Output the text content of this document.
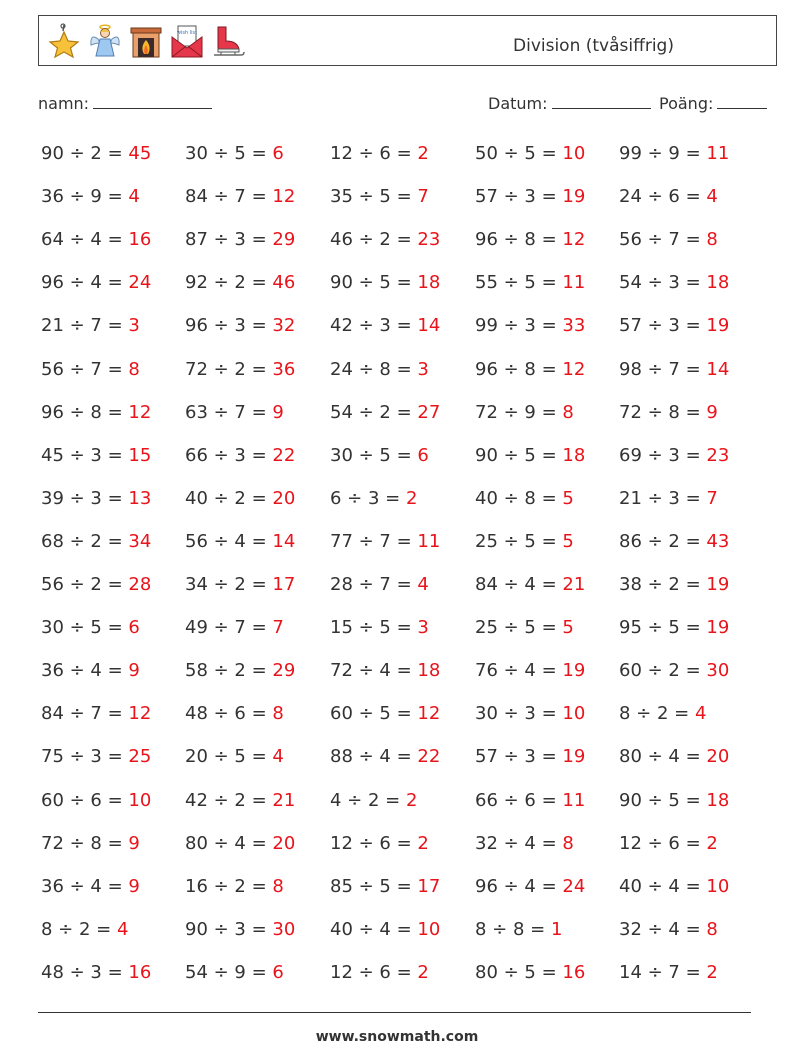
wish list
Division (tvåsiffrig)
namn:	Datum:	Poäng:
90 ÷ 2 = 45 30 ÷ 5 = 6	12 ÷ 6 = 2	50 ÷ 5 = 10 99 ÷ 9 = 11
36 ÷ 9 = 4	84 ÷ 7 = 12 35 ÷ 5 = 7	57 ÷ 3 = 19 24 ÷ 6 = 4
64 ÷ 4 = 16 87 ÷ 3 = 29 46 ÷ 2 = 23 96 ÷ 8 = 12 56 ÷ 7 = 8
96 ÷ 4 = 24 92 ÷ 2 = 46 90 ÷ 5 = 18 55 ÷ 5 = 11 54 ÷ 3 = 18
21 ÷ 7 = 3	96 ÷ 3 = 32 42 ÷ 3 = 14 99 ÷ 3 = 33 57 ÷ 3 = 19
56 ÷ 7 = 8	72 ÷ 2 = 36 24 ÷ 8 = 3	96 ÷ 8 = 12 98 ÷ 7 = 14
96 ÷ 8 = 12 63 ÷ 7 = 9	54 ÷ 2 = 27 72 ÷ 9 = 8	72 ÷ 8 = 9
45 ÷ 3 = 15 66 ÷ 3 = 22 30 ÷ 5 = 6	90 ÷ 5 = 18 69 ÷ 3 = 23
39 ÷ 3 = 13 40 ÷ 2 = 20 6 ÷ 3 = 2	40 ÷ 8 = 5	21 ÷ 3 = 7
68 ÷ 2 = 34 56 ÷ 4 = 14 77 ÷ 7 = 11 25 ÷ 5 = 5	86 ÷ 2 = 43
56 ÷ 2 = 28 34 ÷ 2 = 17 28 ÷ 7 = 4	84 ÷ 4 = 21 38 ÷ 2 = 19
30 ÷ 5 = 6	49 ÷ 7 = 7	15 ÷ 5 = 3	25 ÷ 5 = 5	95 ÷ 5 = 19
36 ÷ 4 = 9	58 ÷ 2 = 29 72 ÷ 4 = 18 76 ÷ 4 = 19 60 ÷ 2 = 30
84 ÷ 7 = 12 48 ÷ 6 = 8	60 ÷ 5 = 12 30 ÷ 3 = 10 8 ÷ 2 = 4
75 ÷ 3 = 25 20 ÷ 5 = 4	88 ÷ 4 = 22 57 ÷ 3 = 19 80 ÷ 4 = 20
60 ÷ 6 = 10 42 ÷ 2 = 21 4 ÷ 2 = 2	66 ÷ 6 = 11 90 ÷ 5 = 18
72 ÷ 8 = 9	80 ÷ 4 = 20 12 ÷ 6 = 2	32 ÷ 4 = 8	12 ÷ 6 = 2
36 ÷ 4 = 9	16 ÷ 2 = 8	85 ÷ 5 = 17 96 ÷ 4 = 24 40 ÷ 4 = 10
8 ÷ 2 = 4	90 ÷ 3 = 30 40 ÷ 4 = 10 8 ÷ 8 = 1	32 ÷ 4 = 8
48 ÷ 3 = 16 54 ÷ 9 = 6	12 ÷ 6 = 2	80 ÷ 5 = 16 14 ÷ 7 = 2
www.snowmath.com
